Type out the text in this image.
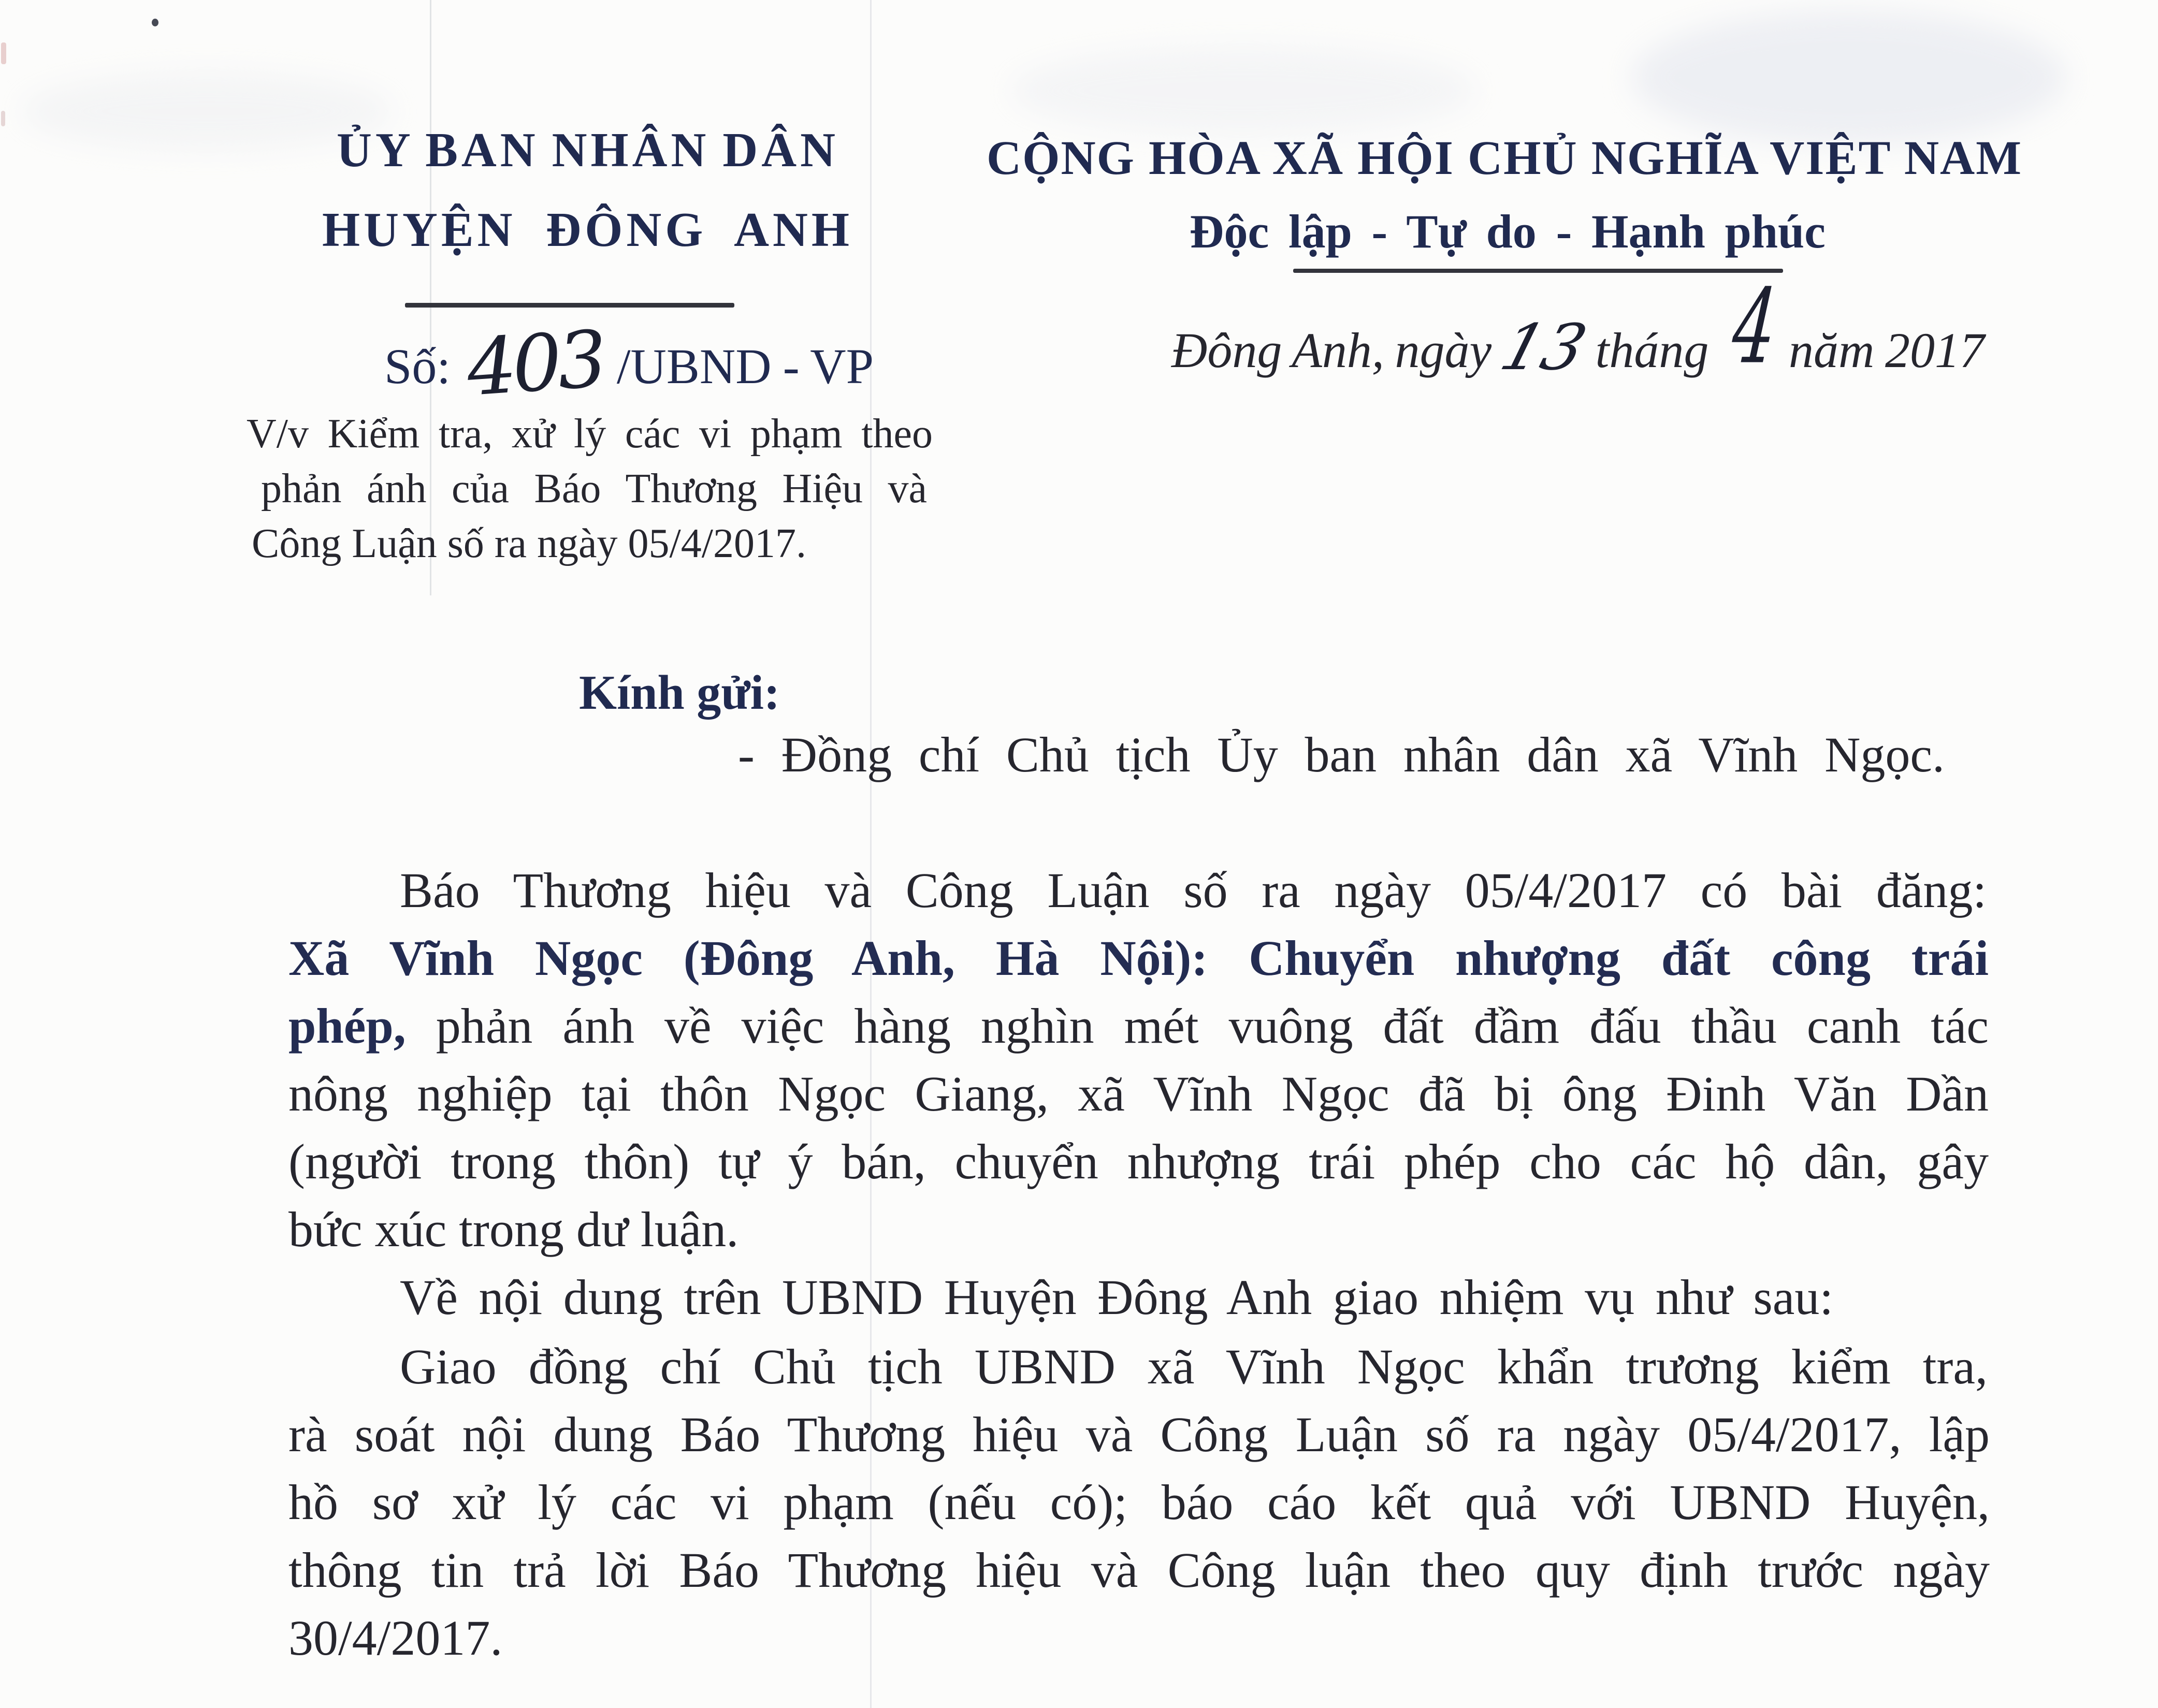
ỦY BAN NHÂN DÂN
HUYỆN ĐÔNG ANH
Số: 403 /UBND - VP
V/v Kiểm tra, xử lý các vi phạm theo
phản ánh của Báo Thương Hiệu và
Công Luận số ra ngày 05/4/2017.
CỘNG HÒA XÃ HỘI CHỦ NGHĨA VIỆT NAM
Độc lập - Tự do - Hạnh phúc
Đông Anh, ngày 13 tháng 4 năm 2017
Kính gửi:
- Đồng chí Chủ tịch Ủy ban nhân dân xã Vĩnh Ngọc.
Báo Thương hiệu và Công Luận số ra ngày 05/4/2017 có bài đăng:
Xã Vĩnh Ngọc (Đông Anh, Hà Nội): Chuyển nhượng đất công trái
phép, phản ánh về việc hàng nghìn mét vuông đất đầm đấu thầu canh tác
nông nghiệp tại thôn Ngọc Giang, xã Vĩnh Ngọc đã bị ông Đinh Văn Dần
(người trong thôn) tự ý bán, chuyển nhượng trái phép cho các hộ dân, gây
bức xúc trong dư luận.
Về nội dung trên UBND Huyện Đông Anh giao nhiệm vụ như sau:
Giao đồng chí Chủ tịch UBND xã Vĩnh Ngọc khẩn trương kiểm tra,
rà soát nội dung Báo Thương hiệu và Công Luận số ra ngày 05/4/2017, lập
hồ sơ xử lý các vi phạm (nếu có); báo cáo kết quả với UBND Huyện,
thông tin trả lời Báo Thương hiệu và Công luận theo quy định trước ngày
30/4/2017.
